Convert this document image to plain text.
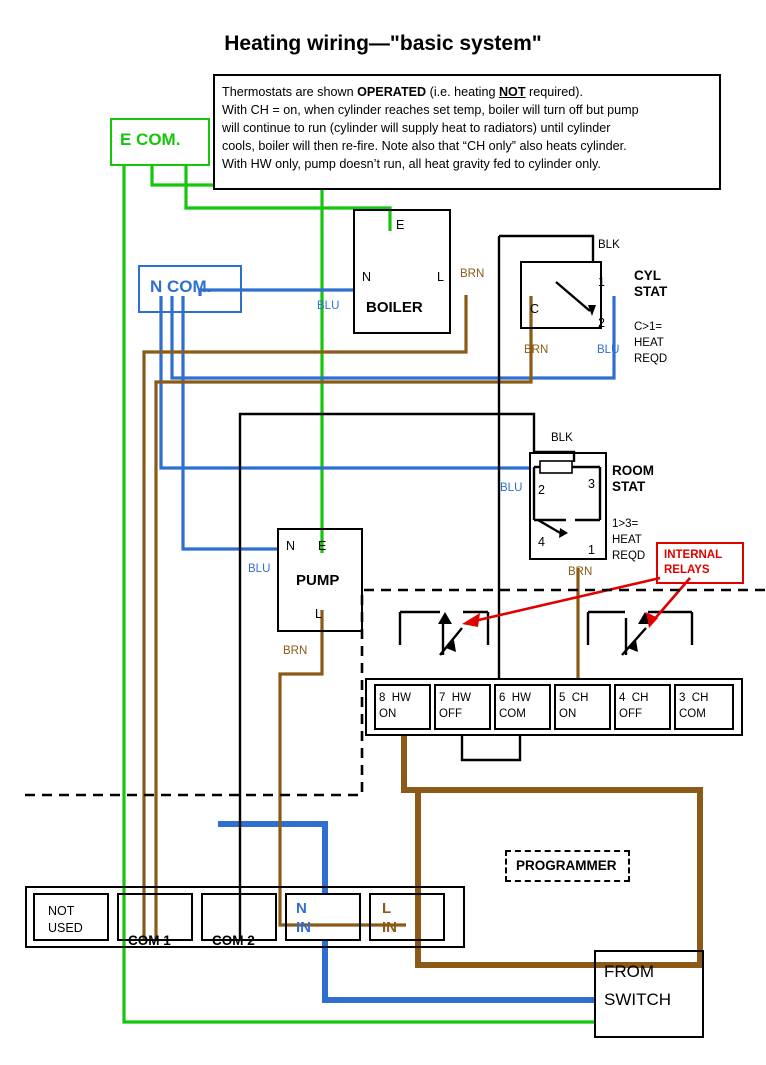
Heating wiring—"basic system"
Thermostats are shown OPERATED (i.e. heating NOT required).
With CH = on, when cylinder reaches set temp, boiler will turn off but pump
will continue to run (cylinder will supply heat to radiators) until cylinder
cools, boiler will then re-fire. Note also that “CH only” also heats cylinder.
With HW only, pump doesn’t run, all heat gravity fed to cylinder only.
E COM.
N COM.
E
N	L
BOILER
BRN
BLU	C
1
2
CYL
STAT
C>1=
HEAT
REQD
BLK
BRN	BLU
2	3
4
1
ROOM
STAT
1>3=
HEAT
REQD
BLK
BLU
BRN
N E
L
PUMP
BLU
BRN
INTERNAL
RELAYS
8  HW
ON
7  HW
OFF
6  HW
COM
5  CH
ON
4  CH
OFF
3  CH
COM
PROGRAMMER
NOT
USED
COM 1	COM 2
N
IN
L
IN
FROM
SWITCH
